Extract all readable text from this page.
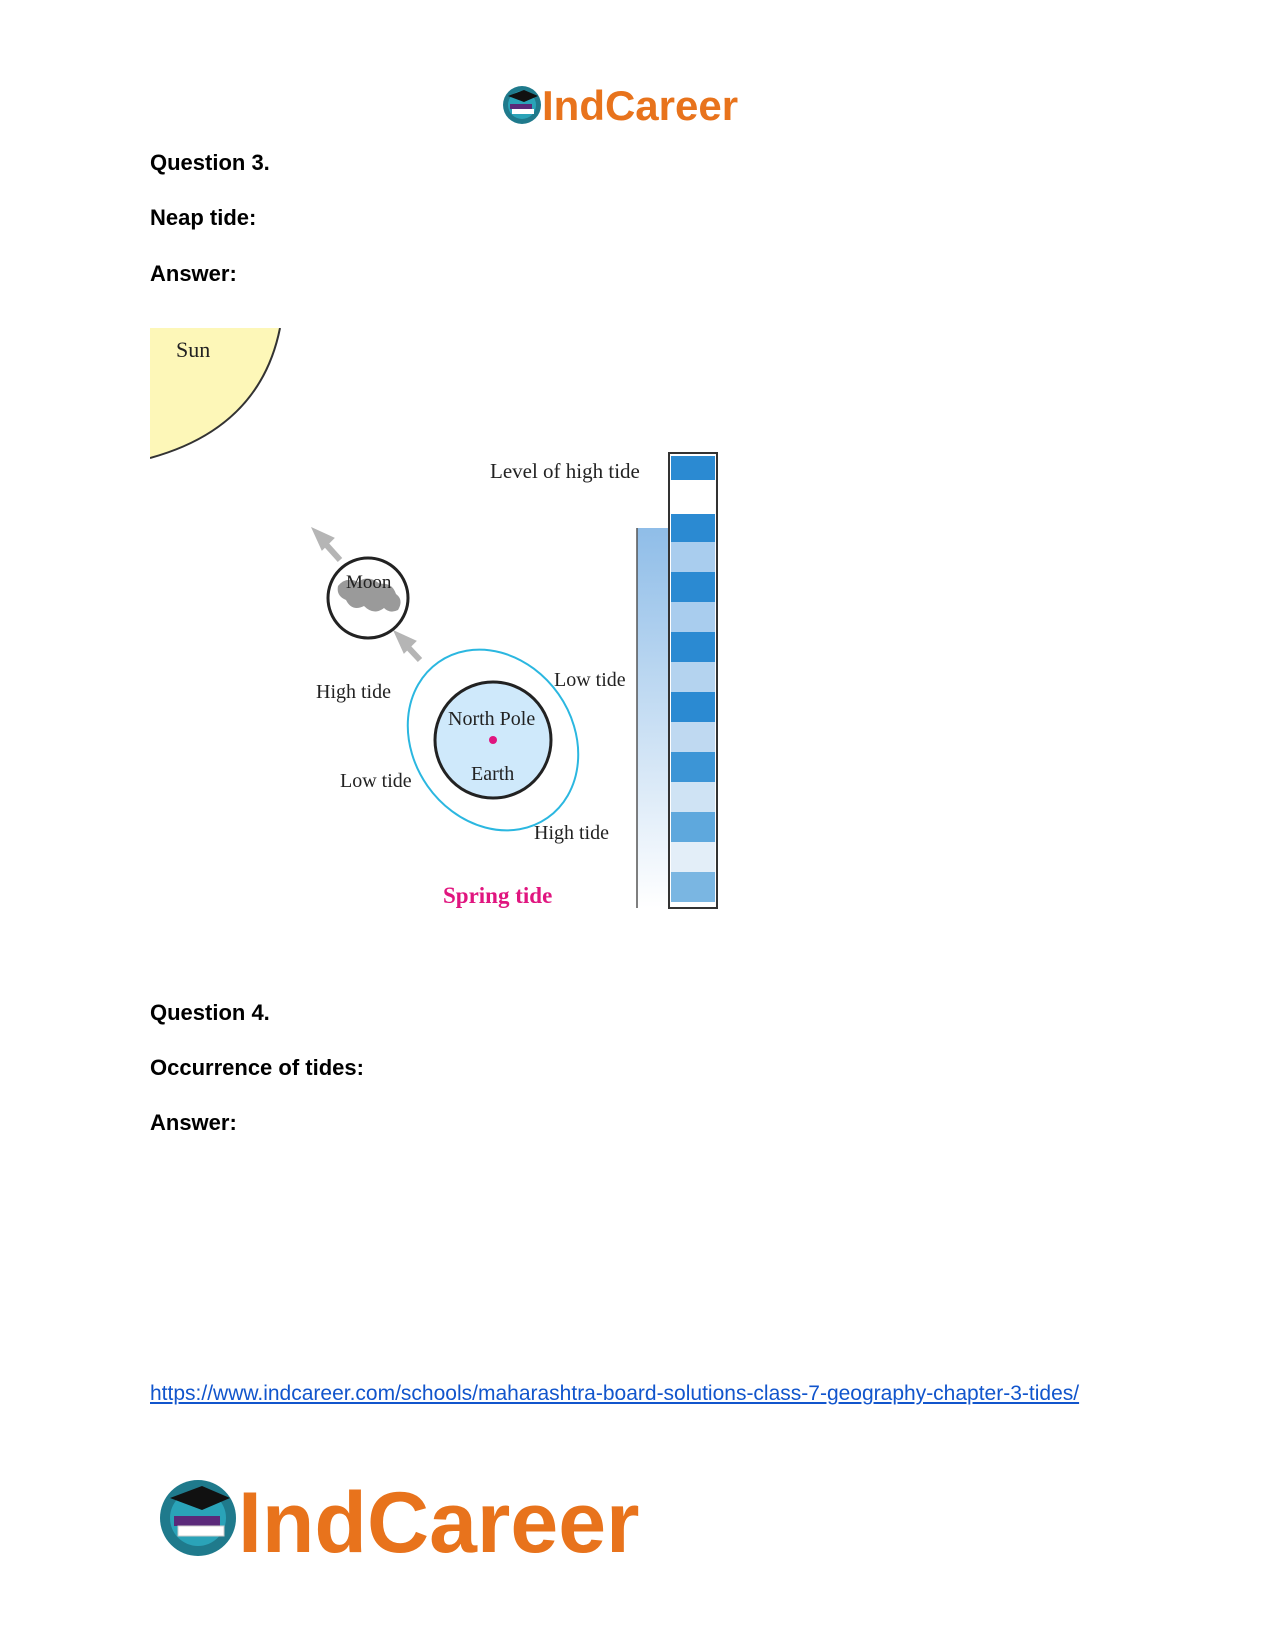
IndCareer

Question 3.

Neap tide:

Answer:

Sun
Level of high tide
Moon
North Pole
Earth
High tide
Low tide
Low tide
High tide
Spring tide

Question 4.

Occurrence of tides:

Answer:

https://www.indcareer.com/schools/maharashtra-board-solutions-class-7-geography-chapter-3-tides/
IndCareer
